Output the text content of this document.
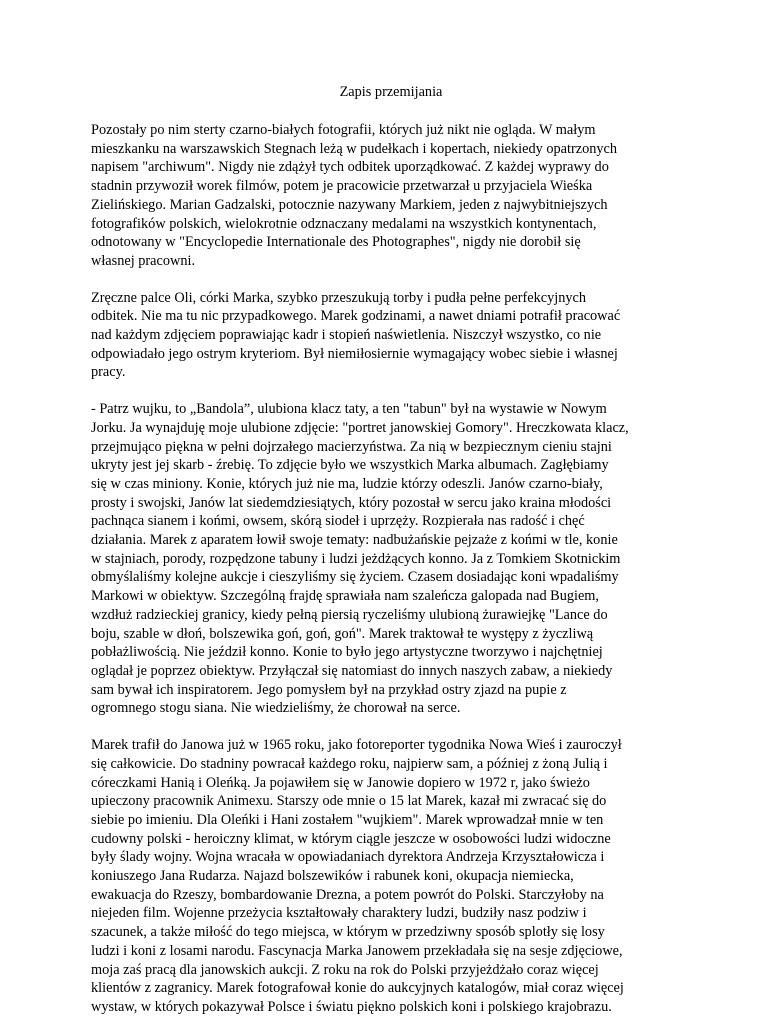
Zapis przemijania
Pozostały po nim sterty czarno-białych fotografii, których już nikt nie ogląda. W małym
mieszkanku na warszawskich Stegnach leżą w pudełkach i kopertach, niekiedy opatrzonych
napisem "archiwum". Nigdy nie zdążył tych odbitek uporządkować. Z każdej wyprawy do
stadnin przywoził worek filmów, potem je pracowicie przetwarzał u przyjaciela Wieśka
Zielińskiego. Marian Gadzalski, potocznie nazywany Markiem, jeden z najwybitniejszych
fotografików polskich, wielokrotnie odznaczany medalami na wszystkich kontynentach,
odnotowany w "Encyclopedie Internationale des Photographes", nigdy nie dorobił się
własnej pracowni.
Zręczne palce Oli, córki Marka, szybko przeszukują torby i pudła pełne perfekcyjnych
odbitek. Nie ma tu nic przypadkowego. Marek godzinami, a nawet dniami potrafił pracować
nad każdym zdjęciem poprawiając kadr i stopień naświetlenia. Niszczył wszystko, co nie
odpowiadało jego ostrym kryteriom. Był niemiłosiernie wymagający wobec siebie i własnej
pracy.
- Patrz wujku, to „Bandola”, ulubiona klacz taty, a ten "tabun" był na wystawie w Nowym
Jorku. Ja wynajduję moje ulubione zdjęcie: "portret janowskiej Gomory". Hreczkowata klacz,
przejmująco piękna w pełni dojrzałego macierzyństwa. Za nią w bezpiecznym cieniu stajni
ukryty jest jej skarb - źrebię. To zdjęcie było we wszystkich Marka albumach. Zagłębiamy
się w czas miniony. Konie, których już nie ma, ludzie którzy odeszli. Janów czarno-biały,
prosty i swojski, Janów lat siedemdziesiątych, który pozostał w sercu jako kraina młodości
pachnąca sianem i końmi, owsem, skórą siodeł i uprzęży. Rozpierała nas radość i chęć
działania. Marek z aparatem łowił swoje tematy: nadbużańskie pejzaże z końmi w tle, konie
w stajniach, porody, rozpędzone tabuny i ludzi jeżdżących konno. Ja z Tomkiem Skotnickim
obmyślaliśmy kolejne aukcje i cieszyliśmy się życiem. Czasem dosiadając koni wpadaliśmy
Markowi w obiektyw. Szczególną frajdę sprawiała nam szaleńcza galopada nad Bugiem,
wzdłuż radzieckiej granicy, kiedy pełną piersią ryczeliśmy ulubioną żurawiejkę "Lance do
boju, szable w dłoń, bolszewika goń, goń, goń". Marek traktował te występy z życzliwą
pobłażliwością. Nie jeździł konno. Konie to było jego artystyczne tworzywo i najchętniej
oglądał je poprzez obiektyw. Przyłączał się natomiast do innych naszych zabaw, a niekiedy
sam bywał ich inspiratorem. Jego pomysłem był na przykład ostry zjazd na pupie z
ogromnego stogu siana. Nie wiedzieliśmy, że chorował na serce.
Marek trafił do Janowa już w 1965 roku, jako fotoreporter tygodnika Nowa Wieś i zauroczył
się całkowicie. Do stadniny powracał każdego roku, najpierw sam, a później z żoną Julią i
córeczkami Hanią i Oleńką. Ja pojawiłem się w Janowie dopiero w 1972 r, jako świeżo
upieczony pracownik Animexu. Starszy ode mnie o 15 lat Marek, kazał mi zwracać się do
siebie po imieniu. Dla Oleńki i Hani zostałem "wujkiem". Marek wprowadzał mnie w ten
cudowny polski - heroiczny klimat, w którym ciągle jeszcze w osobowości ludzi widoczne
były ślady wojny. Wojna wracała w opowiadaniach dyrektora Andrzeja Krzyształowicza i
koniuszego Jana Rudarza. Najazd bolszewików i rabunek koni, okupacja niemiecka,
ewakuacja do Rzeszy, bombardowanie Drezna, a potem powrót do Polski. Starczyłoby na
niejeden film. Wojenne przeżycia kształtowały charaktery ludzi, budziły nasz podziw i
szacunek, a także miłość do tego miejsca, w którym w przedziwny sposób splotły się losy
ludzi i koni z losami narodu. Fascynacja Marka Janowem przekładała się na sesje zdjęciowe,
moja zaś pracą dla janowskich aukcji. Z roku na rok do Polski przyjeżdżało coraz więcej
klientów z zagranicy. Marek fotografował konie do aukcyjnych katalogów, miał coraz więcej
wystaw, w których pokazywał Polsce i światu piękno polskich koni i polskiego krajobrazu.
